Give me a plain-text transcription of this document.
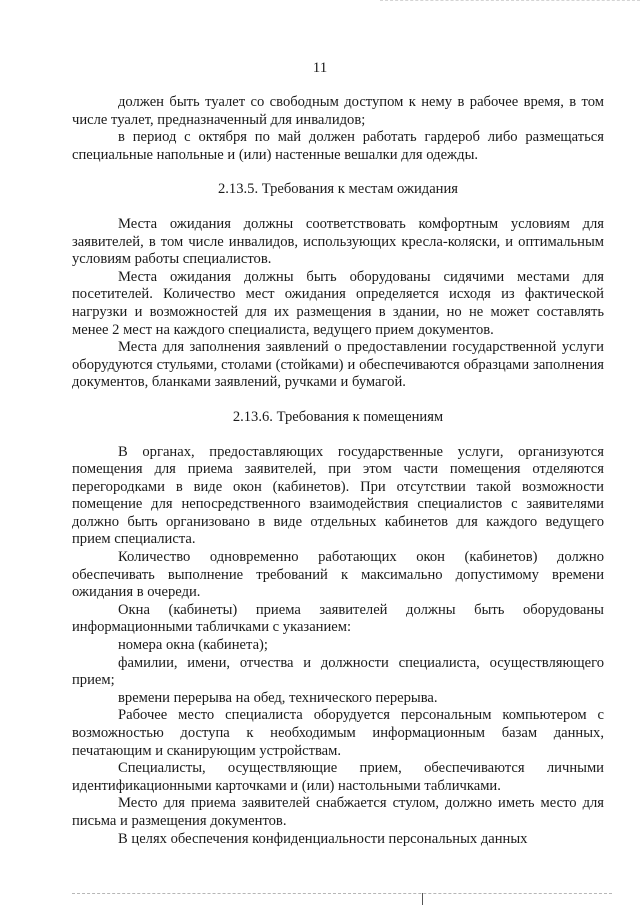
11

должен быть туалет со свободным доступом к нему в рабочее время, в том числе туалет, предназначенный для инвалидов;

в период с октября по май должен работать гардероб либо размещаться специальные напольные и (или) настенные вешалки для одежды.

2.13.5. Требования к местам ожидания

Места ожидания должны соответствовать комфортным условиям для заявителей, в том числе инвалидов, использующих кресла-коляски, и оптимальным условиям работы специалистов.

Места ожидания должны быть оборудованы сидячими местами для посетителей. Количество мест ожидания определяется исходя из фактической нагрузки и возможностей для их размещения в здании, но не может составлять менее 2 мест на каждого специалиста, ведущего прием документов.

Места для заполнения заявлений о предоставлении государственной услуги оборудуются стульями, столами (стойками) и обеспечиваются образцами заполнения документов, бланками заявлений, ручками и бумагой.

2.13.6. Требования к помещениям

В органах, предоставляющих государственные услуги, организуются помещения для приема заявителей, при этом части помещения отделяются перегородками в виде окон (кабинетов). При отсутствии такой возможности помещение для непосредственного взаимодействия специалистов с заявителями должно быть организовано в виде отдельных кабинетов для каждого ведущего прием специалиста.

Количество одновременно работающих окон (кабинетов) должно обеспечивать выполнение требований к максимально допустимому времени ожидания в очереди.

Окна (кабинеты) приема заявителей должны быть оборудованы информационными табличками с указанием:

номера окна (кабинета);

фамилии, имени, отчества и должности специалиста, осуществляющего прием;

времени перерыва на обед, технического перерыва.

Рабочее место специалиста оборудуется персональным компьютером с возможностью доступа к необходимым информационным базам данных, печатающим и сканирующим устройствам.

Специалисты, осуществляющие прием, обеспечиваются личными идентификационными карточками и (или) настольными табличками.

Место для приема заявителей снабжается стулом, должно иметь место для письма и размещения документов.

В целях обеспечения конфиденциальности персональных данных
